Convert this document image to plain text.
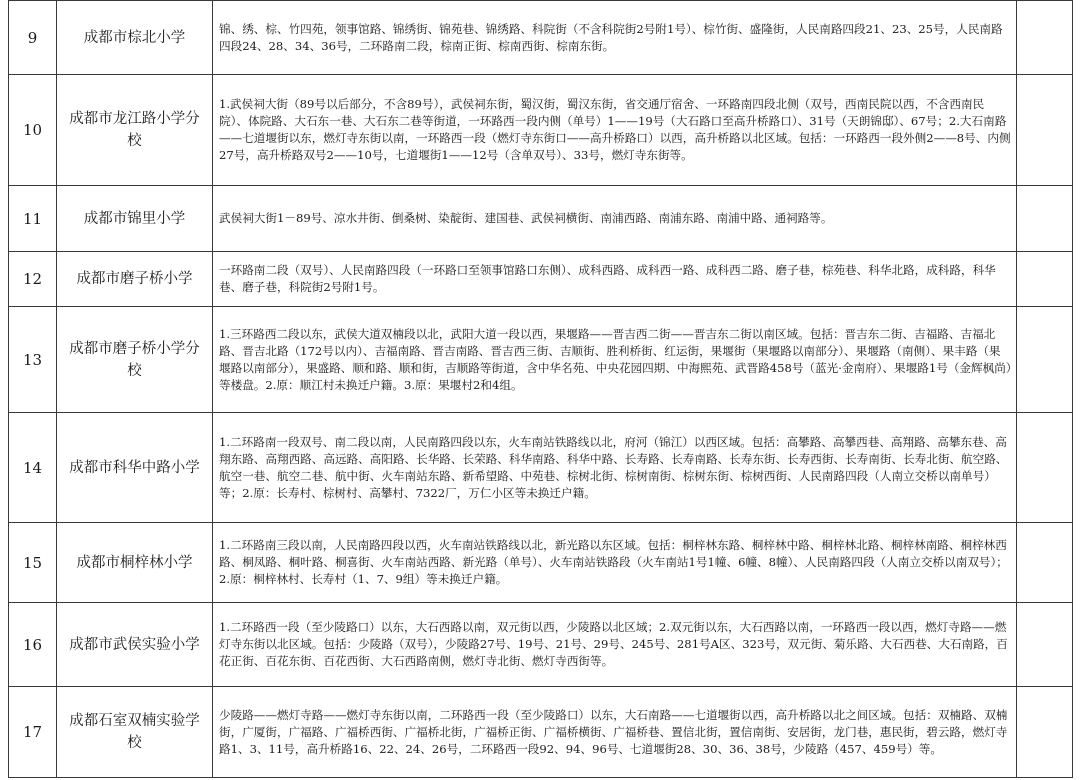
9	成都市棕北小学	锦、绣、棕、竹四苑，领事馆路、锦绣街、锦苑巷、锦绣路、科院街（不含科院街2号附1号）、棕竹街、盛隆街，人民南路四段21、23、25号，人民南路四段24、28、34、36号，二环路南二段，棕南正街、棕南西街、棕南东街。	
10	成都市龙江路小学分校	1.武侯祠大街（89号以后部分，不含89号），武侯祠东街，蜀汉街，蜀汉东街，省交通厅宿舍、一环路南四段北侧（双号，西南民院以西，不含西南民院）、体院路、大石东一巷、大石东二巷等街道，一环路西一段内侧（单号）1——19号（大石路口至高升桥路口）、31号（天朗锦邸）、67号；2.大石南路——七道堰街以东，燃灯寺东街以南，一环路西一段（燃灯寺东街口——高升桥路口）以西，高升桥路以北区域。包括：一环路西一段外侧2——8号、内侧27号，高升桥路双号2——10号，七道堰街1——12号（含单双号）、33号，燃灯寺东街等。	
11	成都市锦里小学	武侯祠大街1－89号、凉水井街、倒桑树、染靛街、建国巷、武侯祠横街、南浦西路、南浦东路、南浦中路、通祠路等。	
12	成都市磨子桥小学	一环路南二段（双号）、人民南路四段（一环路口至领事馆路口东侧）、成科西路、成科西一路、成科西二路、磨子巷，棕苑巷、科华北路，成科路，科华巷、磨子巷，科院街2号附1号。	
13	成都市磨子桥小学分校	1.三环路西二段以东，武侯大道双楠段以北，武阳大道一段以西，果堰路——晋吉西二街——晋吉东二街以南区域。包括：晋吉东二街、吉福路、吉福北路、晋吉北路（172号以内）、吉福南路、晋吉南路、晋吉西三街、吉顺街、胜利桥街、红运街，果堰街（果堰路以南部分）、果堰路（南侧）、果丰路（果堰路以南部分），果盛路、顺和路、顺和街，吉顺路等街道，含中华名苑、中央花园四期、中海熙苑、武晋路458号（蓝光·金南府）、果堰路1号（金辉枫尚）等楼盘。2.原：顺江村未换迁户籍。3.原：果堰村2和4组。	
14	成都市科华中路小学	1.二环路南一段双号、南二段以南，人民南路四段以东，火车南站铁路线以北，府河（锦江）以西区域。包括：高攀路、高攀西巷、高翔路、高攀东巷、高翔东路、高翔西路、高远路、高阳路、长华路、长荣路、科华南路、科华中路、长寿路、长寿南路、长寿东街、长寿西街、长寿南街、长寿北街、航空路、航空一巷、航空二巷、航中街、火车南站东路、新希望路、中苑巷、棕树北街、棕树南街、棕树东街、棕树西街、人民南路四段（人南立交桥以南单号）等；2.原：长寿村、棕树村、高攀村、7322厂，万仁小区等未换迁户籍。	
15	成都市桐梓林小学	1.二环路南三段以南，人民南路四段以西，火车南站铁路线以北，新光路以东区域。包括：桐梓林东路、桐梓林中路、桐梓林北路、桐梓林南路、桐梓林西路、桐凤路、桐叶路、桐喜街、火车南站西路、新光路（单号）、火车南站铁路段（火车南站1号1幢、6幢、8幢）、人民南路四段（人南立交桥以南双号）；2.原：桐梓林村、长寿村（1、7、9组）等未换迁户籍。	
16	成都市武侯实验小学	1.二环路西一段（至少陵路口）以东，大石西路以南，双元街以西，少陵路以北区域；2.双元街以东，大石西路以南，一环路西一段以西，燃灯寺路——燃灯寺东街以北区域。包括：少陵路（双号），少陵路27号、19号、21号、29号、245号、281号A区、323号，双元街、菊乐路、大石西巷、大石南路，百花正街、百花东街、百花西街、大石西路南侧，燃灯寺北街、燃灯寺西街等。	
17	成都石室双楠实验学校	少陵路——燃灯寺路——燃灯寺东街以南，二环路西一段（至少陵路口）以东，大石南路——七道堰街以西，高升桥路以北之间区域。包括：双楠路、双楠街，广厦街，广福路、广福桥西街、广福桥北街，广福桥正街、广福桥横街、广福桥巷、置信北街，置信南街、安居街，龙门巷，惠民街，碧云路，燃灯寺路1、3、11号，高升桥路16、22、24、26号，二环路西一段92、94、96号、七道堰街28、30、36、38号，少陵路（457、459号）等。	
